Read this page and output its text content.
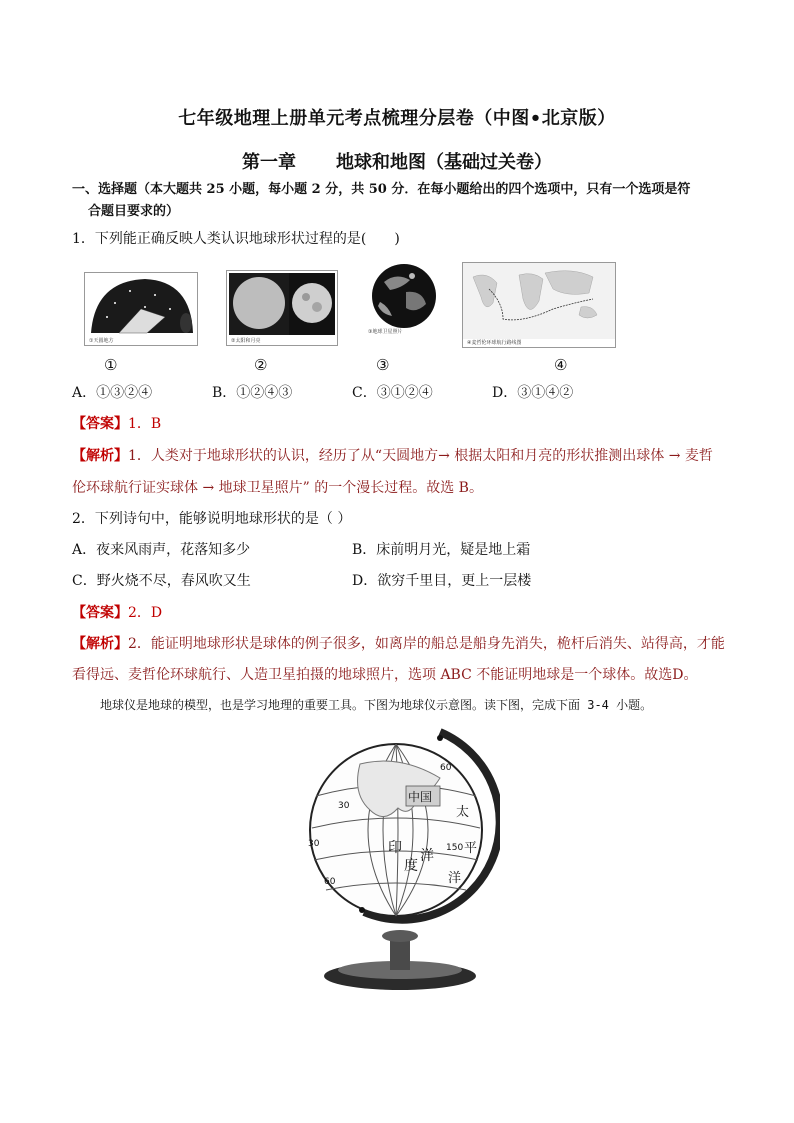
七年级地理上册单元考点梳理分层卷（中图•北京版）
第一章 地球和地图（基础过关卷）
一、选择题（本大题共 25 小题，每小题 2 分，共 50 分．在每小题给出的四个选项中，只有一个选项是符
合题目要求的）
1．下列能正确反映人类认识地球形状过程的是(　　)
①天圆地方	②太阳和月亮
③地球卫星照片
④麦哲伦环球航行路线图
①	②	③	④
A．①③②④	B．①②④③	C．③①②④	D．③①④②
【答案】1．B
【解析】1．人类对于地球形状的认识，经历了从“天圆地方→ 根据太阳和月亮的形状推测出球体 → 麦哲
伦环球航行证实球体 → 地球卫星照片” 的一个漫长过程。故选 B。
2．下列诗句中，能够说明地球形状的是（ ）
A．夜来风雨声，花落知多少	B．床前明月光，疑是地上霜
C．野火烧不尽，春风吹又生	D．欲穷千里目，更上一层楼
【答案】2．D
【解析】2．能证明地球形状是球体的例子很多，如离岸的船总是船身先消失，桅杆后消失、站得高，才能
看得远、麦哲伦环球航行、人造卫星拍摄的地球照片，选项 ABC 不能证明地球是一个球体。故选D。
地球仪是地球的模型，也是学习地理的重要工具。下图为地球仪示意图。读下图，完成下面 3-4 小题。
中国
印
度
洋
太
平
洋
30
30
60
60
150
